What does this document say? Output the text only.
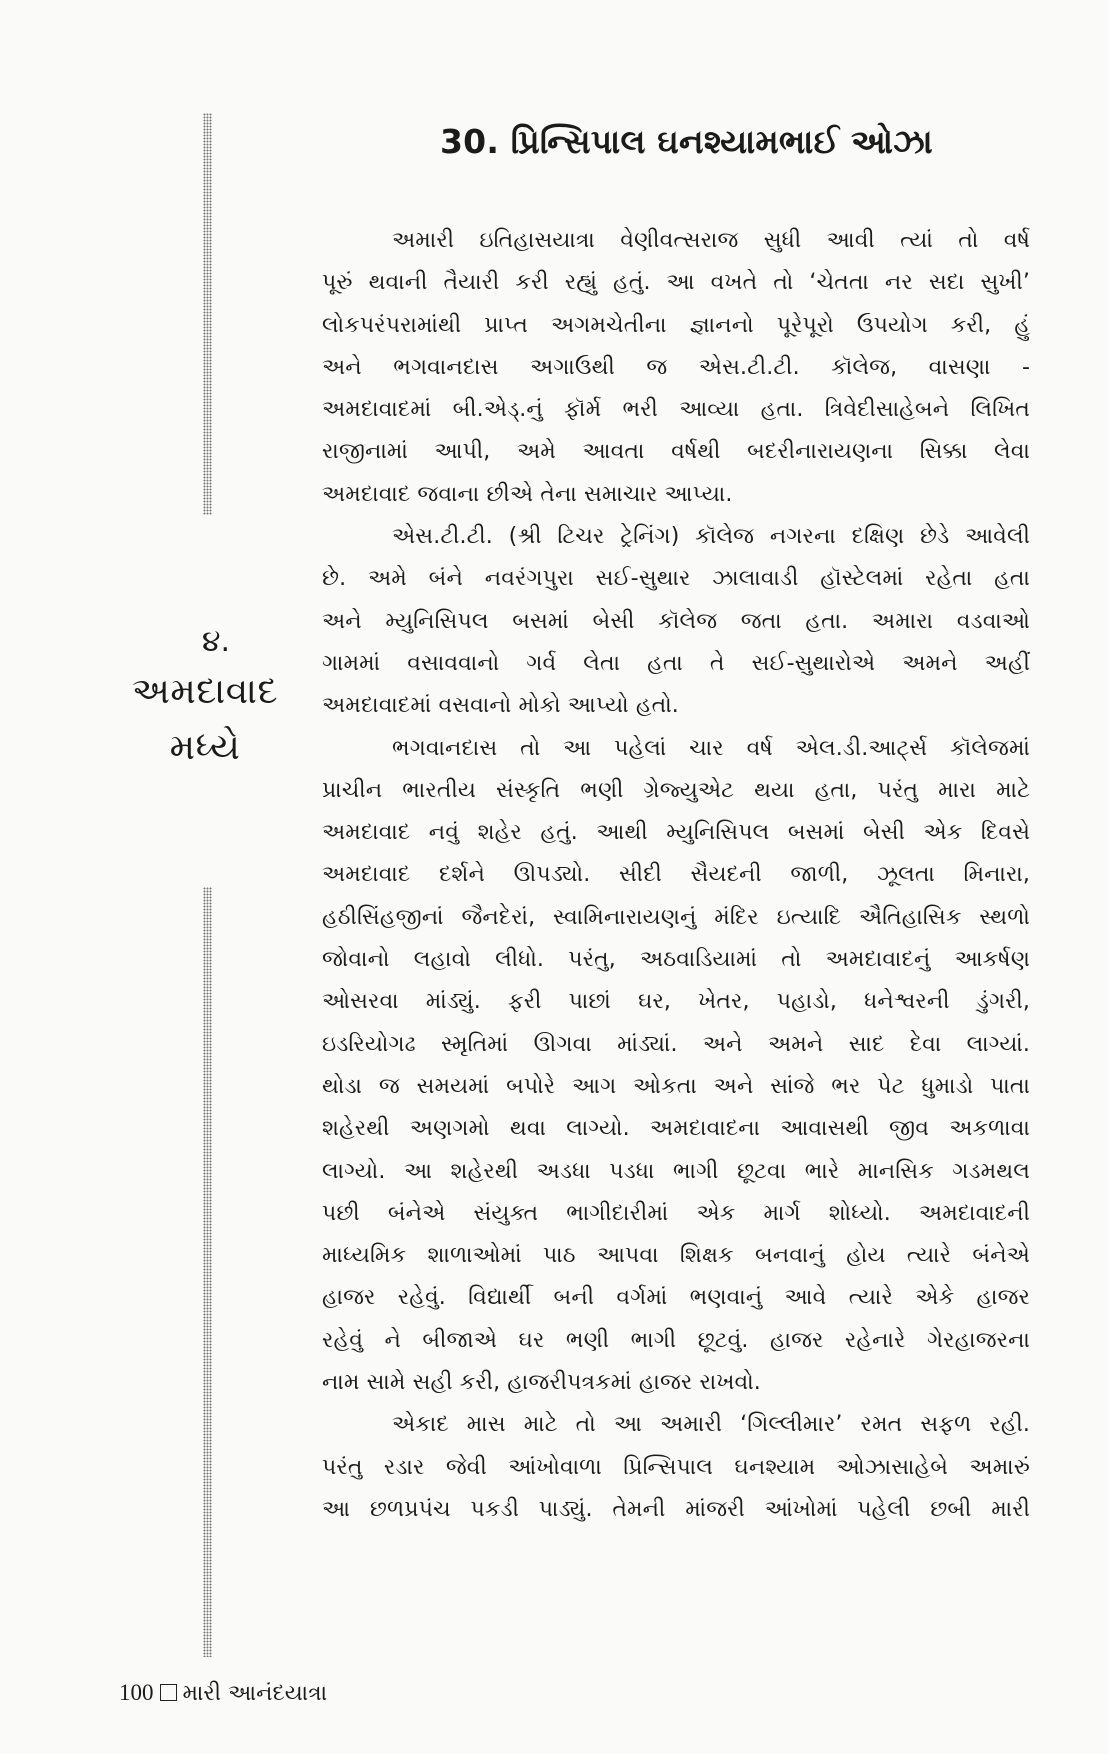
30. પ્રિન્સિપાલ ઘનશ્યામભાઈ ઓઝા
૪.
અમદાવાદ
મધ્યે
અમારી ઇતિહાસયાત્રા વેણીવત્સરાજ સુધી આવી ત્યાં તો વર્ષ
પૂરું થવાની તૈયારી કરી રહ્યું હતું. આ વખતે તો ‘ચેતતા નર સદા સુખી’
લોકપરંપરામાંથી પ્રાપ્ત અગમચેતીના જ્ઞાનનો પૂરેપૂરો ઉપયોગ કરી, હું
અને ભગવાનદાસ અગાઉથી જ એસ.ટી.ટી. કૉલેજ, વાસણા -
અમદાવાદમાં બી.એડ્.નું ફૉર્મ ભરી આવ્યા હતા. ત્રિવેદીસાહેબને લિખિત
રાજીનામાં આપી, અમે આવતા વર્ષથી બદરીનારાયણના સિક્કા લેવા
અમદાવાદ જવાના છીએ તેના સમાચાર આપ્યા.
એસ.ટી.ટી. (શ્રી ટિચર ટ્રેનિંગ) કૉલેજ નગરના દક્ષિણ છેડે આવેલી
છે. અમે બંને નવરંગપુરા સઈ-સુથાર ઝાલાવાડી હૉસ્ટેલમાં રહેતા હતા
અને મ્યુનિસિપલ બસમાં બેસી કૉલેજ જતા હતા. અમારા વડવાઓ
ગામમાં વસાવવાનો ગર્વ લેતા હતા તે સઈ-સુથારોએ અમને અહીં
અમદાવાદમાં વસવાનો મોકો આપ્યો હતો.
ભગવાનદાસ તો આ પહેલાં ચાર વર્ષ એલ.ડી.આર્ટ્સ કૉલેજમાં
પ્રાચીન ભારતીય સંસ્કૃતિ ભણી ગ્રેજ્યુએટ થયા હતા, પરંતુ મારા માટે
અમદાવાદ નવું શહેર હતું. આથી મ્યુનિસિપલ બસમાં બેસી એક દિવસે
અમદાવાદ દર્શને ઊપડ્યો. સીદી સૈયદની જાળી, ઝૂલતા મિનારા,
હઠીસિંહજીનાં જૈનદેરાં, સ્વામિનારાયણનું મંદિર ઇત્યાદિ ઐતિહાસિક સ્થળો
જોવાનો લહાવો લીધો. પરંતુ, અઠવાડિયામાં તો અમદાવાદનું આકર્ષણ
ઓસરવા માંડ્યું. ફરી પાછાં ઘર, ખેતર, પહાડો, ધનેશ્વરની ડુંગરી,
ઇડરિયોગઢ સ્મૃતિમાં ઊગવા માંડ્યાં. અને અમને સાદ દેવા લાગ્યાં.
થોડા જ સમયમાં બપોરે આગ ઓકતા અને સાંજે ભર પેટ ધુમાડો પાતા
શહેરથી અણગમો થવા લાગ્યો. અમદાવાદના આવાસથી જીવ અકળાવા
લાગ્યો. આ શહેરથી અડધા પડધા ભાગી છૂટવા ભારે માનસિક ગડમથલ
પછી બંનેએ સંયુક્ત ભાગીદારીમાં એક માર્ગ શોધ્યો. અમદાવાદની
માધ્યમિક શાળાઓમાં પાઠ આપવા શિક્ષક બનવાનું હોય ત્યારે બંનેએ
હાજર રહેવું. વિદ્યાર્થી બની વર્ગમાં ભણવાનું આવે ત્યારે એકે હાજર
રહેવું ને બીજાએ ઘર ભણી ભાગી છૂટવું. હાજર રહેનારે ગેરહાજરના
નામ સામે સહી કરી, હાજરીપત્રકમાં હાજર રાખવો.
એકાદ માસ માટે તો આ અમારી ‘ગિલ્લીમાર’ રમત સફળ રહી.
પરંતુ રડાર જેવી આંખોવાળા પ્રિન્સિપાલ ઘનશ્યામ ઓઝાસાહેબે અમારું
આ છળપ્રપંચ પકડી પાડ્યું. તેમની માંજરી આંખોમાં પહેલી છબી મારી
100 મારી આનંદયાત્રા
